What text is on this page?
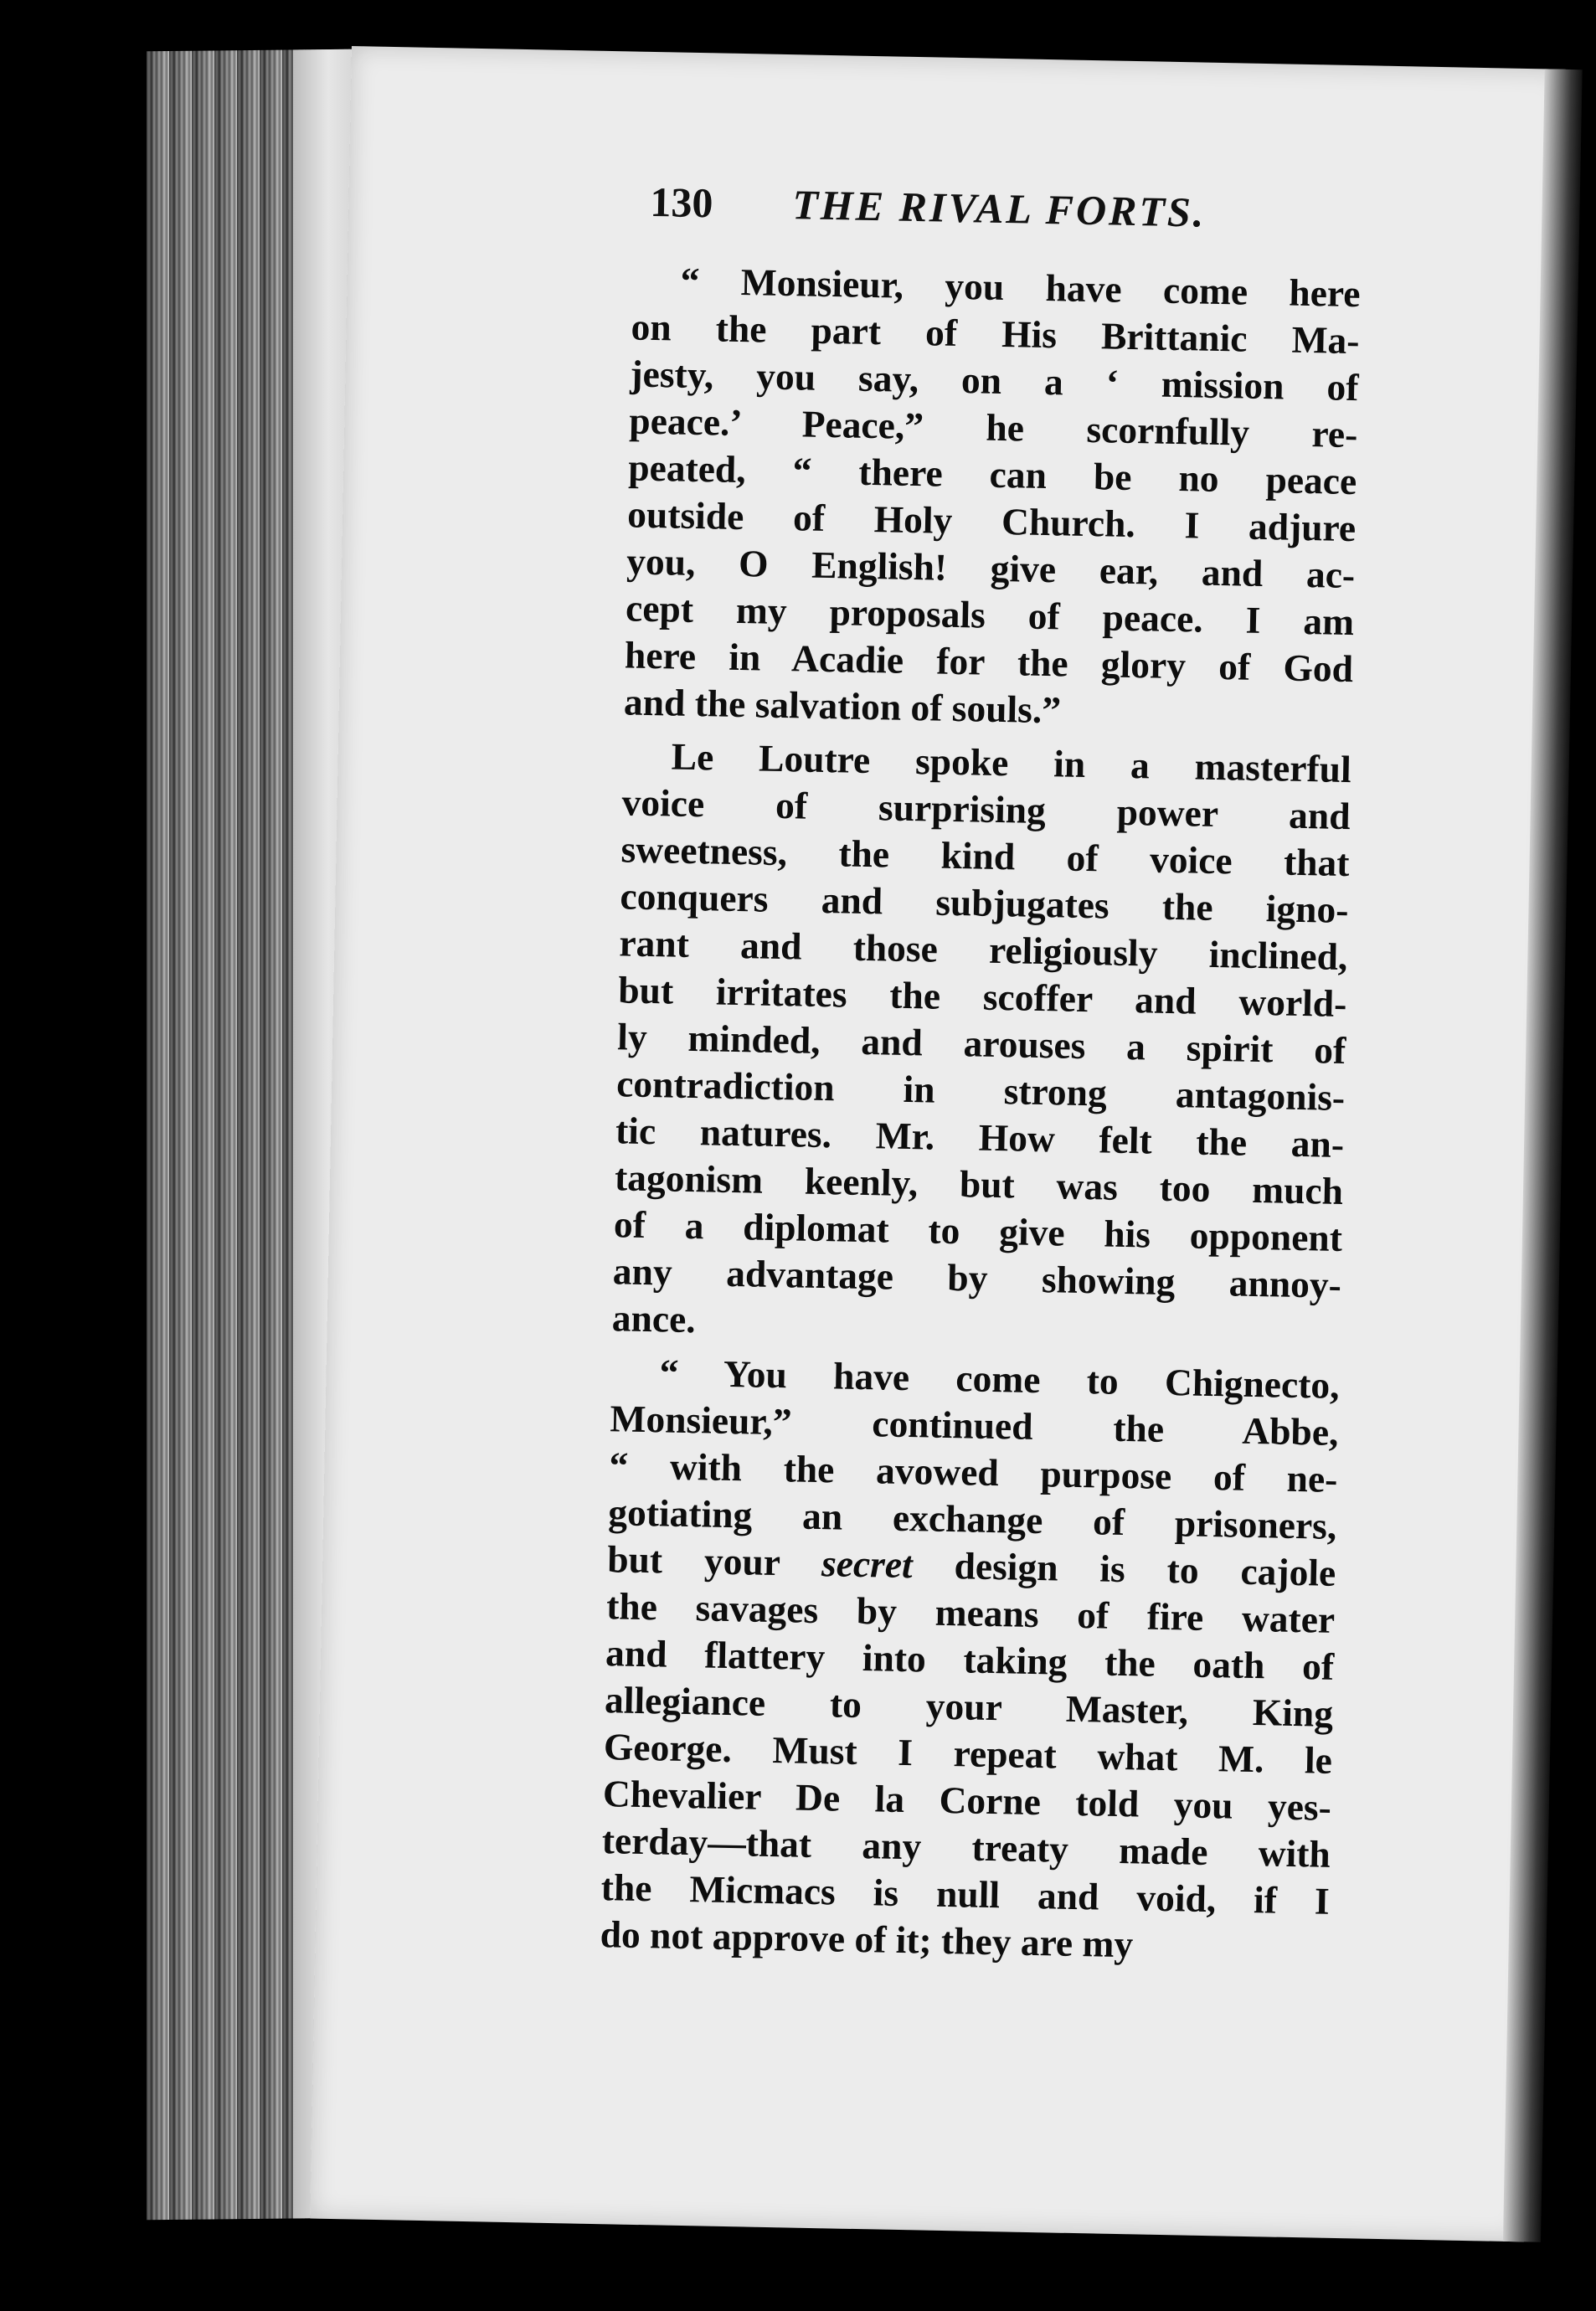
130 THE RIVAL FORTS.

“ Monsieur, you have come here
on the part of His Brittanic Ma-
jesty, you say, on a ‘ mission of
peace.’ Peace,” he scornfully re-
peated, “ there can be no peace
outside of Holy Church. I adjure
you, O English! give ear, and ac-
cept my proposals of peace. I am
here in Acadie for the glory of God
and the salvation of souls.”

Le Loutre spoke in a masterful
voice of surprising power and
sweetness, the kind of voice that
conquers and subjugates the igno-
rant and those religiously inclined,
but irritates the scoffer and world-
ly minded, and arouses a spirit of
contradiction in strong antagonis-
tic natures. Mr. How felt the an-
tagonism keenly, but was too much
of a diplomat to give his opponent
any advantage by showing annoy-
ance.

“ You have come to Chignecto,
Monsieur,” continued the Abbe,
“ with the avowed purpose of ne-
gotiating an exchange of prisoners,
but your secret design is to cajole
the savages by means of fire water
and flattery into taking the oath of
allegiance to your Master, King
George. Must I repeat what M. le
Chevalier De la Corne told you yes-
terday—that any treaty made with
the Micmacs is null and void, if I
do not approve of it; they are my
